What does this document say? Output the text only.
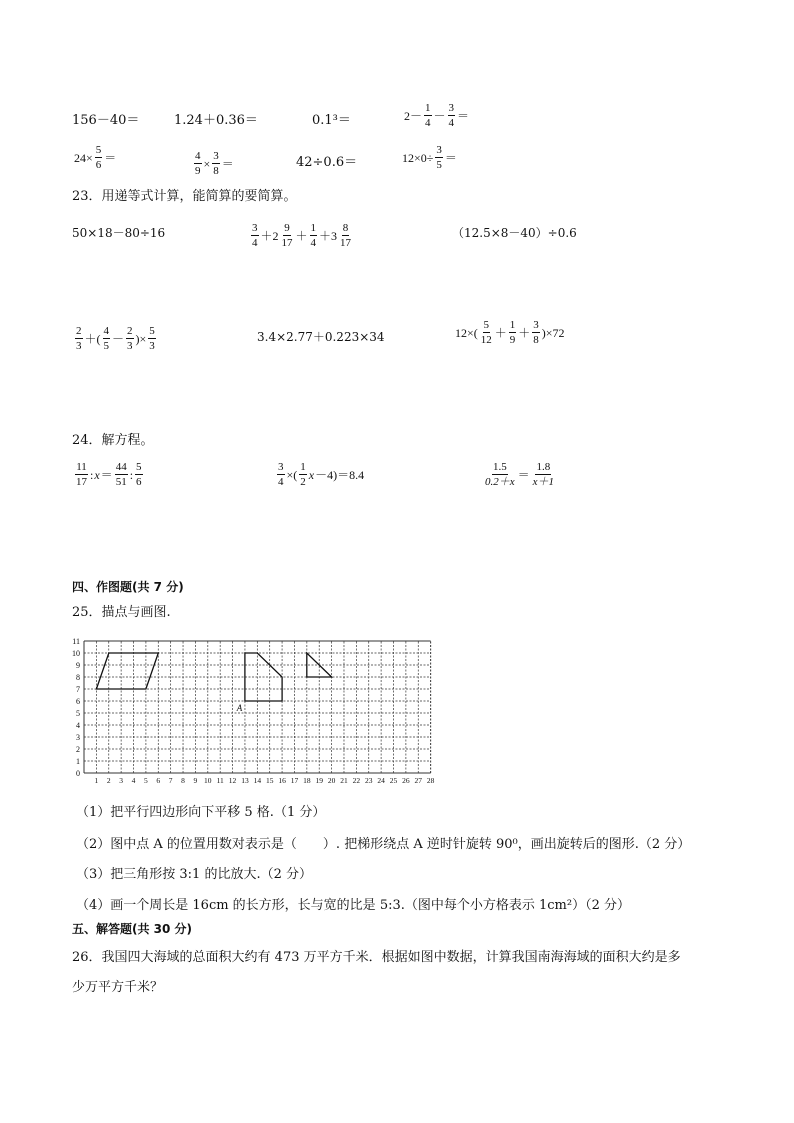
156－40＝	1.24＋0.36＝	0.1³＝	$2- \frac{1}{4} - \frac{3}{4}$ ＝
$24\times \frac{5}{6}$ ＝	$\frac{4}{9} \times \frac{3}{8}$ ＝	42÷0.6＝	$12\times 0\div \frac{3}{5}$ ＝
23．用递等式计算，能简算的要简算。
50×18－80÷16	$\frac{3}{4} +2 \frac{9}{17} + \frac{1}{4} +3 \frac{8}{17}$	（12.5×8－40）÷0.6
$\frac{2}{3}$ ＋( $\frac{4}{5} - \frac{2}{3}$ )× $\frac{5}{3}$	3.4×2.77＋0.223×34	$12\times( \frac{5}{12} + \frac{1}{9} + \frac{3}{8} )\times 72$
24．解方程。
$\frac{11}{17}$ : $x = \frac{44}{51}$ : $\frac{5}{6}$	$\frac{3}{4}$ ×( $\frac{1}{2}$ x －4)＝8.4	$\frac{1.5}{0.2+x} = \frac{1.8}{x+1}$
四、作图题(共 7 分)
25．描点与画图.
0
1
2
3
4
5
6
7
8
9
10
11
1 2 3 4 5 6 7 8 9 10 11 12 13 14 15 16 17 18 19 20 21 22 23 24 25 26 27 28
A
（1）把平行四边形向下平移 5 格.（1 分）
（2）图中点 A 的位置用数对表示是（　　）. 把梯形绕点 A 逆时针旋转 90⁰，画出旋转后的图形.（2 分）
（3）把三角形按 3:1 的比放大.（2 分）
（4）画一个周长是 16cm 的长方形，长与宽的比是 5:3.（图中每个小方格表示 1cm²）（2 分）
五、解答题(共 30 分)
26．我国四大海域的总面积大约有 473 万平方千米．根据如图中数据，计算我国南海海域的面积大约是多
少万平方千米？
